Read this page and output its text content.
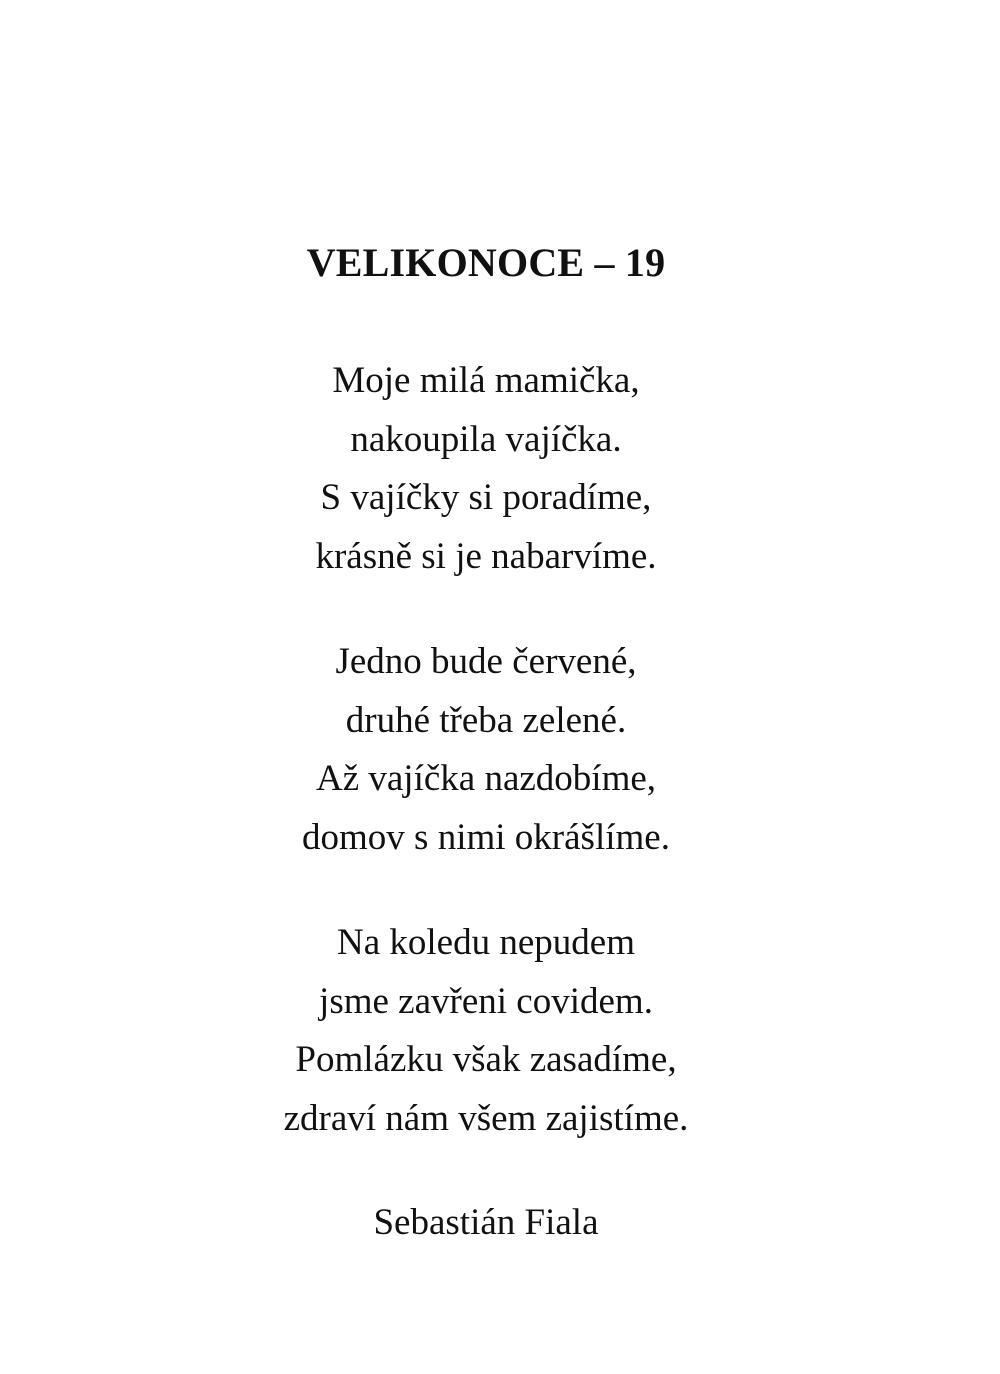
VELIKONOCE – 19
Moje milá mamička,
nakoupila vajíčka.
S vajíčky si poradíme,
krásně si je nabarvíme.
Jedno bude červené,
druhé třeba zelené.
Až vajíčka nazdobíme,
domov s nimi okrášlíme.
Na koledu nepudem
jsme zavřeni covidem.
Pomlázku však zasadíme,
zdraví nám všem zajistíme.

Sebastián Fiala
